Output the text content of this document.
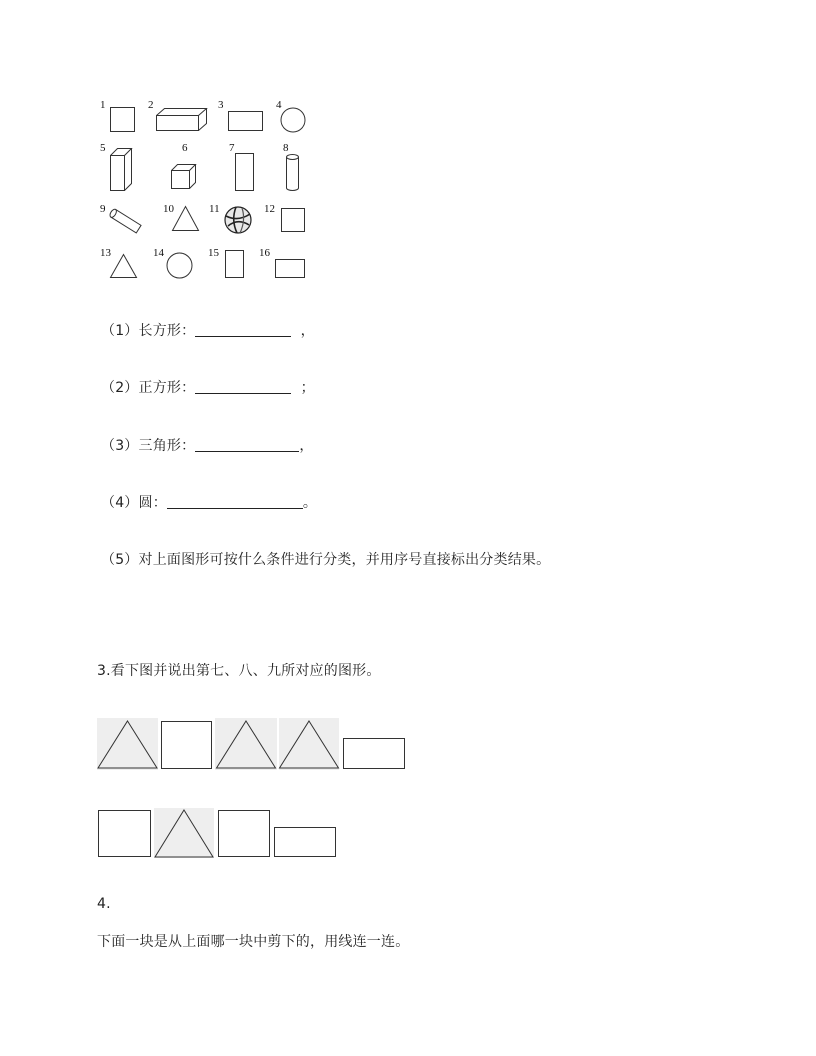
1	2	3	4
5	6	7	8
9	10	11	12
13	14	15	16
（1）长方形：	，
（2）正方形：	；
（3）三角形：	，
（4）圆：	。
（5）对上面图形可按什么条件进行分类，并用序号直接标出分类结果。
3.看下图并说出第七、八、九所对应的图形。
4.
下面一块是从上面哪一块中剪下的，用线连一连。
